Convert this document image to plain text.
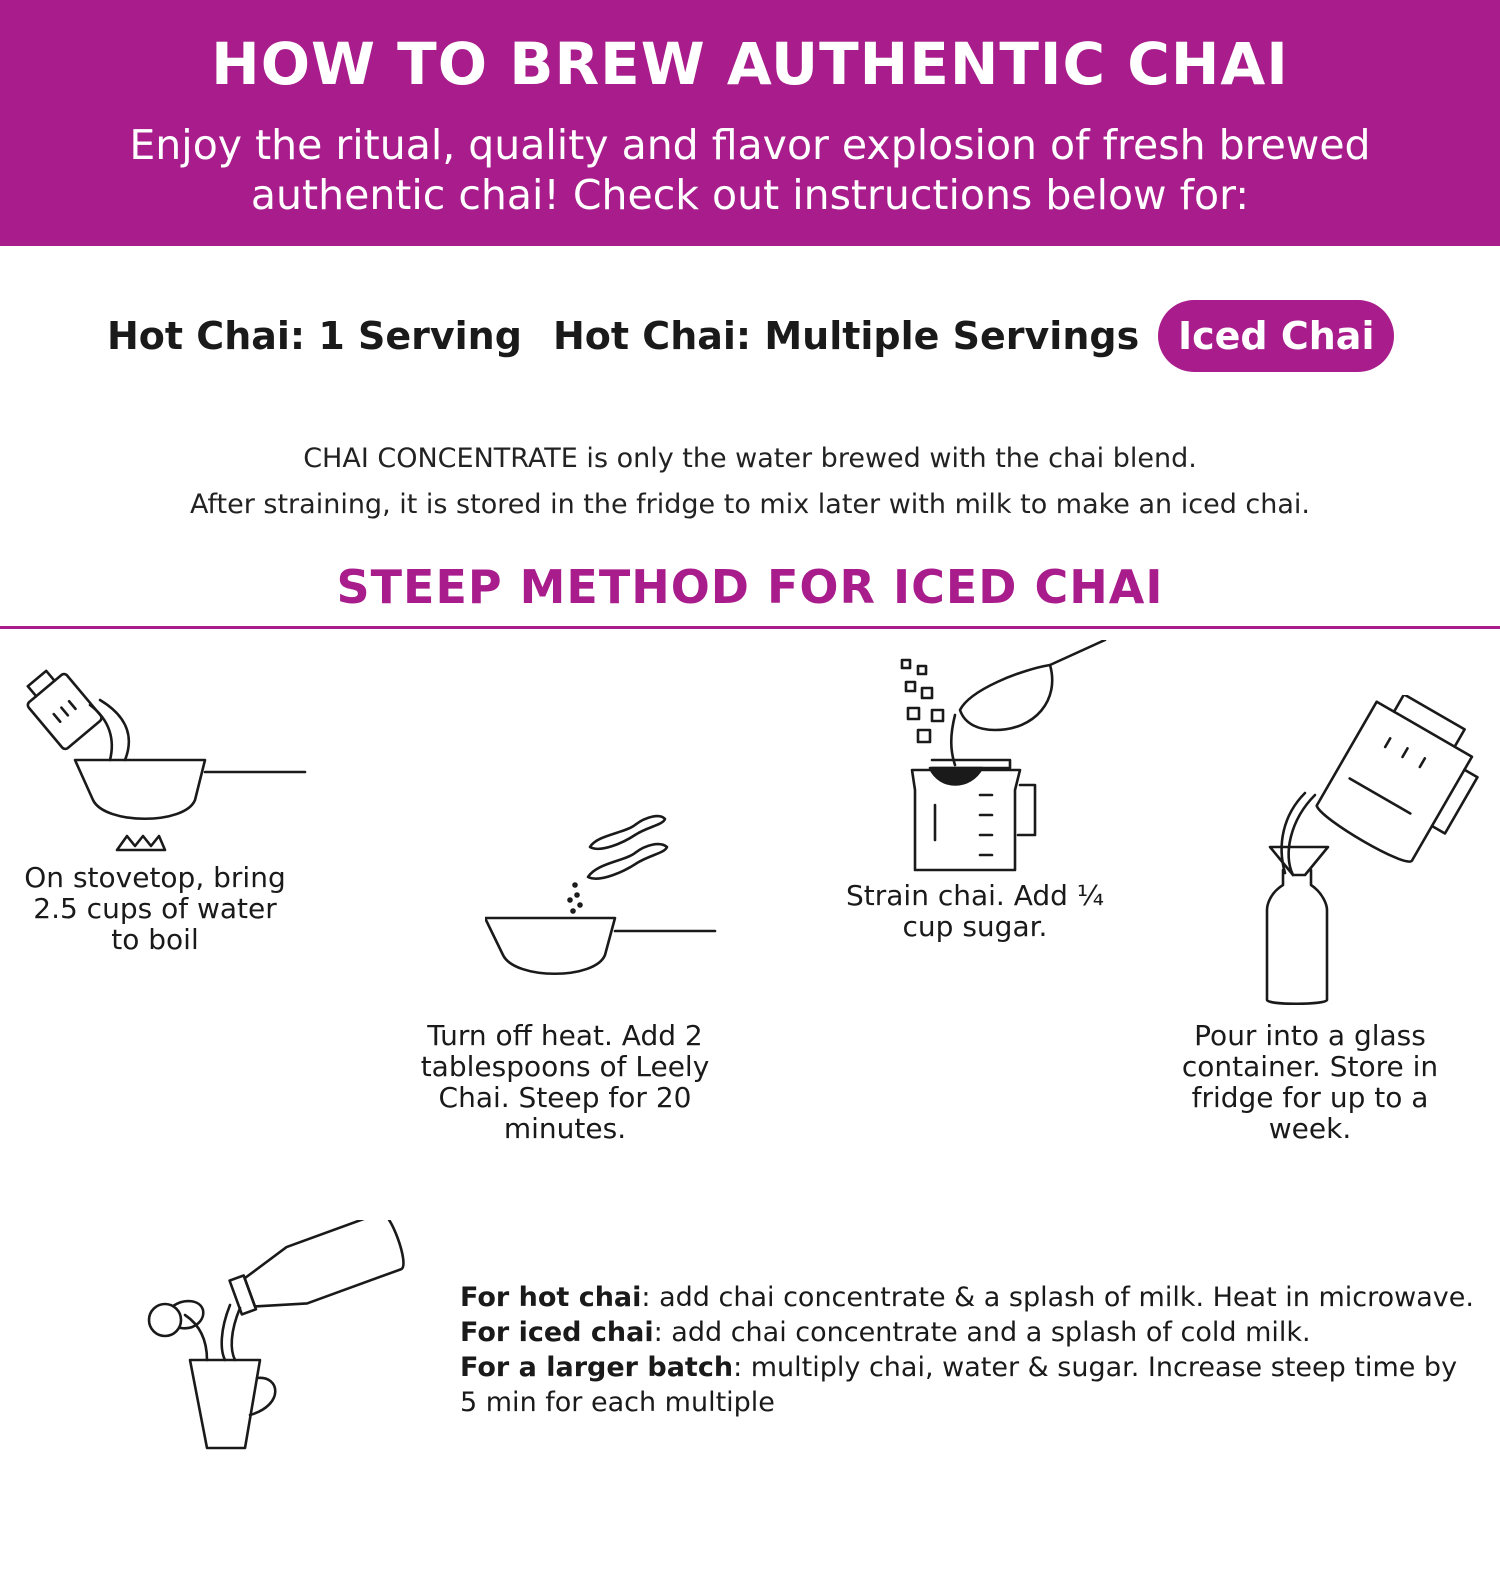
HOW TO BREW AUTHENTIC CHAI
Enjoy the ritual, quality and flavor explosion of fresh brewed authentic chai! Check out instructions below for:
Hot Chai: 1 Serving Hot Chai: Multiple Servings	Iced Chai
CHAI CONCENTRATE is only the water brewed with the chai blend.
After straining, it is stored in the fridge to mix later with milk to make an iced chai.
STEEP METHOD FOR ICED CHAI
On stovetop, bring 2.5 cups of water to boil
Turn off heat. Add 2 tablespoons of Leely Chai. Steep for 20 minutes.
Strain chai. Add ¼ cup sugar.
Pour into a glass container. Store in fridge for up to a week.

For hot chai: add chai concentrate & a splash of milk. Heat in microwave.

For iced chai: add chai concentrate and a splash of cold milk.

For a larger batch: multiply chai, water & sugar. Increase steep time by 5 min for each multiple
